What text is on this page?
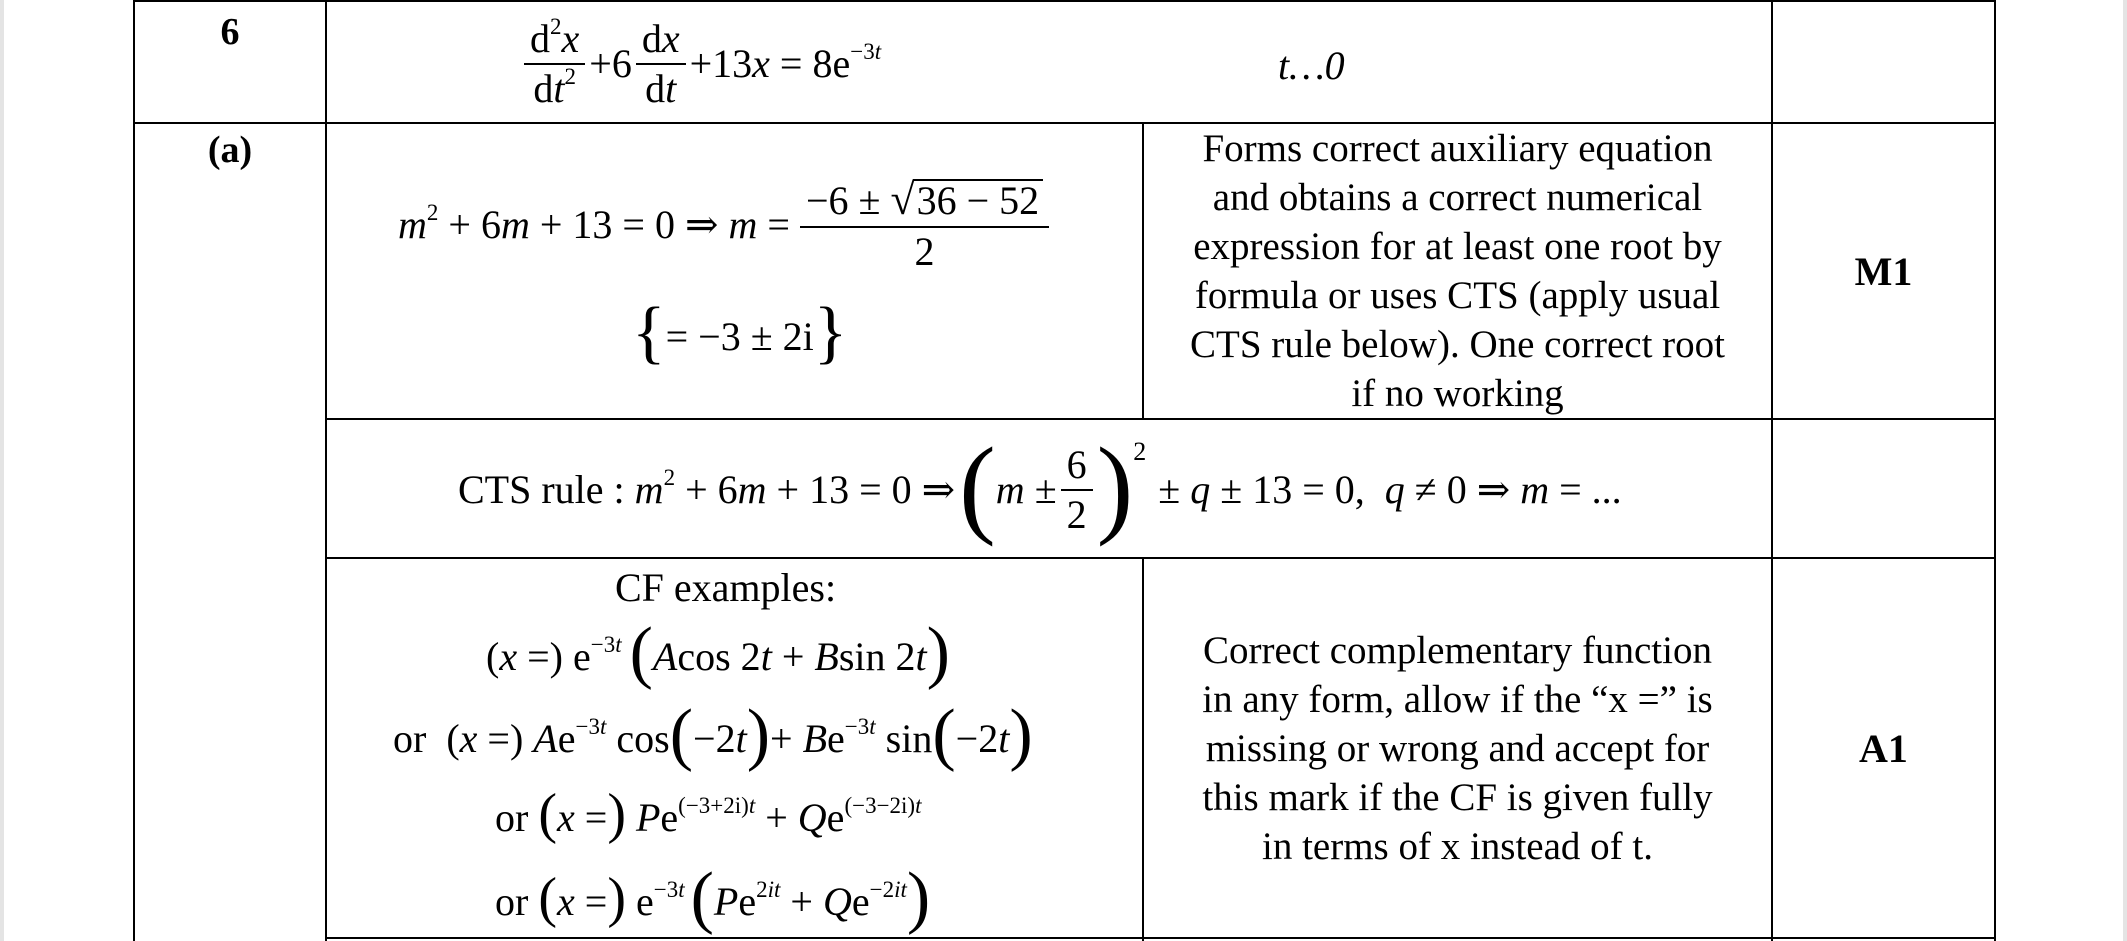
6	$\frac{d^2x}{dt^2} +6 \frac{dx}{dt} +13x = 8e^{-3t}$	t…0
(a)
$m^2 + 6m + 13 = 0$ ⇒ $m = \frac{-6 \pm √36 - 52}{2}$
{ = −3 ± 2i }
Forms correct auxiliary equation
and obtains a correct numerical
expression for at least one root by
formula or uses CTS (apply usual
CTS rule below). One correct root
if no working
M1
CTS rule : $m^2 + 6m + 13 = 0$ ⇒ ( $m \pm \frac{6}{2}$ ) 2
± q ± 13 = 0,  q ≠ 0 ⇒ m = ...
CF examples:
(x =) $e^{-3t}$ ( Acos 2t + Bsin 2t )
or  (x =) $Ae^{-3t}$ cos ( −2t ) + $Be^{-3t}$ sin ( −2t )
or ( x = ) $Pe^{(-3+2i)t} + Qe^{(-3-2i)t}$
or ( x = ) $e^{-3t}$ ( $Pe^{2it} + Qe^{-2it}$ )
Correct complementary function
in any form, allow if the “x =” is
missing or wrong and accept for
this mark if the CF is given fully
in terms of x instead of t.
A1
